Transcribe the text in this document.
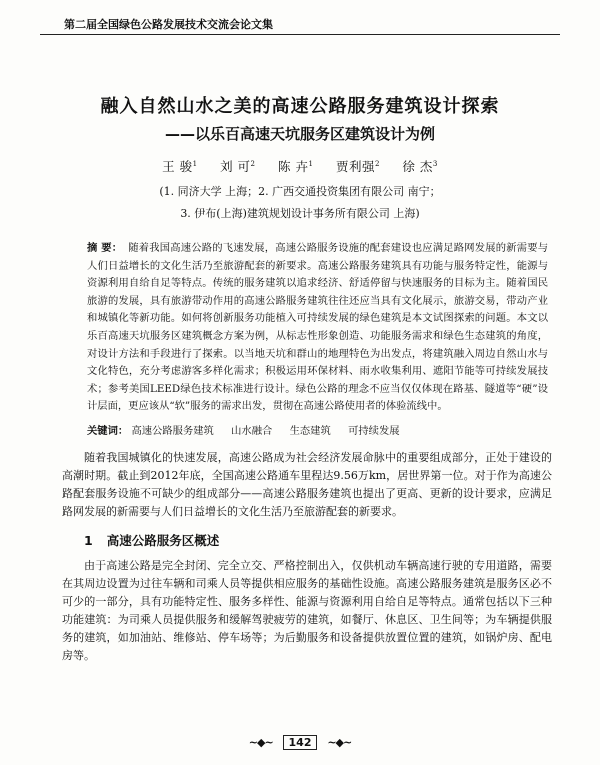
第二届全国绿色公路发展技术交流会论文集
融入自然山水之美的高速公路服务建筑设计探索
——以乐百高速天坑服务区建筑设计为例
王 骏$^1$ 刘 可$^2$ 陈 卉$^1$ 贾利强$^2$ 徐 杰$^3$
(1. 同济大学 上海；2. 广西交通投资集团有限公司 南宁；
3. 伊布(上海)建筑规划设计事务所有限公司 上海)
摘 要： 随着我国高速公路的飞速发展，高速公路服务设施的配套建设也应满足路网发展的新需要与人们日益增长的文化生活乃至旅游配套的新要求。高速公路服务建筑具有功能与服务特定性，能源与资源利用自给自足等特点。传统的服务建筑以追求经济、舒适停留与快速服务的目标为主。随着国民旅游的发展，具有旅游带动作用的高速公路服务建筑往往还应当具有文化展示，旅游交易，带动产业和城镇化等新功能。如何将创新服务功能植入可持续发展的绿色建筑是本文试图探索的问题。本文以乐百高速天坑服务区建筑概念方案为例，从标志性形象创造、功能服务需求和绿色生态建筑的角度，对设计方法和手段进行了探索。以当地天坑和群山的地理特色为出发点，将建筑融入周边自然山水与文化特色，充分考虑游客多样化需求；积极运用环保材料、雨水收集利用、遮阳节能等可持续发展技术；参考美国LEED绿色技术标准进行设计。绿色公路的理念不应当仅仅体现在路基、隧道等“硬”设计层面，更应该从“软”服务的需求出发，贯彻在高速公路使用者的体验流线中。
关键词： 高速公路服务建筑 山水融合 生态建筑 可持续发展
随着我国城镇化的快速发展，高速公路成为社会经济发展命脉中的重要组成部分，正处于建设的高潮时期。截止到2012年底，全国高速公路通车里程达9.56万km，居世界第一位。对于作为高速公路配套服务设施不可缺少的组成部分——高速公路服务建筑也提出了更高、更新的设计要求，应满足路网发展的新需要与人们日益增长的文化生活乃至旅游配套的新要求。
1 高速公路服务区概述
由于高速公路是完全封闭、完全立交、严格控制出入，仅供机动车辆高速行驶的专用道路，需要在其周边设置为过往车辆和司乘人员等提供相应服务的基础性设施。高速公路服务建筑是服务区必不可少的一部分，具有功能特定性、服务多样性、能源与资源利用自给自足等特点。通常包括以下三种功能建筑：为司乘人员提供服务和缓解驾驶疲劳的建筑，如餐厅、休息区、卫生间等；为车辆提供服务的建筑，如加油站、维修站、停车场等；为后勤服务和设备提供放置位置的建筑，如锅炉房、配电房等。
~◆~ 142 ~◆~
